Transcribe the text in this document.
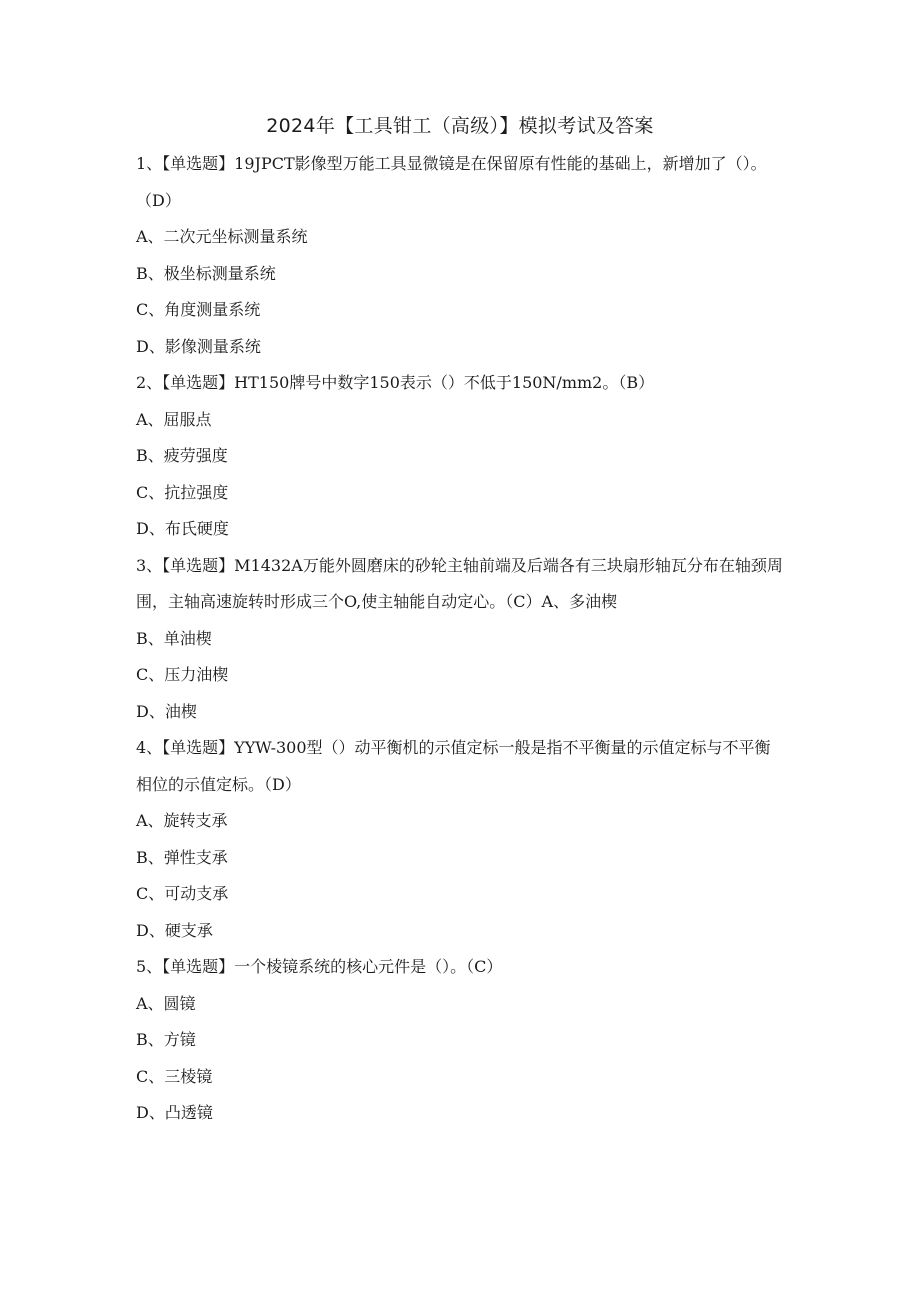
2024年【工具钳工（高级）】模拟考试及答案

1、【单选题】19JPCT影像型万能工具显微镜是在保留原有性能的基础上，新增加了（）。（D）

A、二次元坐标测量系统

B、极坐标测量系统

C、角度测量系统

D、影像测量系统

2、【单选题】HT150牌号中数字150表示（）不低于150N/mm2。（B）

A、屈服点

B、疲劳强度

C、抗拉强度

D、布氏硬度

3、【单选题】M1432A万能外圆磨床的砂轮主轴前端及后端各有三块扇形轴瓦分布在轴颈周围，主轴高速旋转时形成三个O,使主轴能自动定心。（C）A、多油楔

B、单油楔

C、压力油楔

D、油楔

4、【单选题】YYW-300型（）动平衡机的示值定标一般是指不平衡量的示值定标与不平衡相位的示值定标。（D）

A、旋转支承

B、弹性支承

C、可动支承

D、硬支承

5、【单选题】一个棱镜系统的核心元件是（）。（C）

A、圆镜

B、方镜

C、三棱镜

D、凸透镜
